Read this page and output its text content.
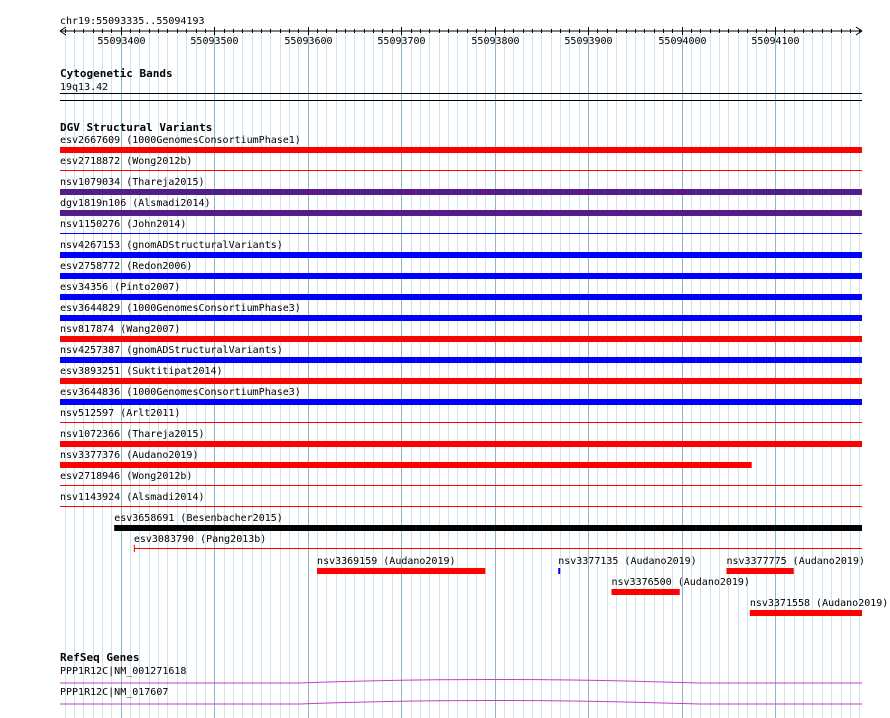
chr19:55093335..55094193
55093400	55093500	55093600	55093700	55093800	55093900	55094000	55094100
Cytogenetic Bands
19q13.42
DGV Structural Variants
esv2667609 (1000GenomesConsortiumPhase1)
esv2718872 (Wong2012b)
nsv1079034 (Thareja2015)
dgv1819n106 (Alsmadi2014)
nsv1150276 (John2014)
nsv4267153 (gnomADStructuralVariants)
esv2758772 (Redon2006)
esv34356 (Pinto2007)
esv3644829 (1000GenomesConsortiumPhase3)
nsv817874 (Wang2007)
nsv4257387 (gnomADStructuralVariants)
esv3893251 (Suktitipat2014)
esv3644836 (1000GenomesConsortiumPhase3)
nsv512597 (Arlt2011)
nsv1072366 (Thareja2015)
nsv3377376 (Audano2019)
esv2718946 (Wong2012b)
nsv1143924 (Alsmadi2014)
esv3658691 (Besenbacher2015)
esv3083790 (Pang2013b)
nsv3369159 (Audano2019)	nsv3377135 (Audano2019)	nsv3377775 (Audano2019)
nsv3376500 (Audano2019)
nsv3371558 (Audano2019)
RefSeq Genes
PPP1R12C|NM_001271618
PPP1R12C|NM_017607
